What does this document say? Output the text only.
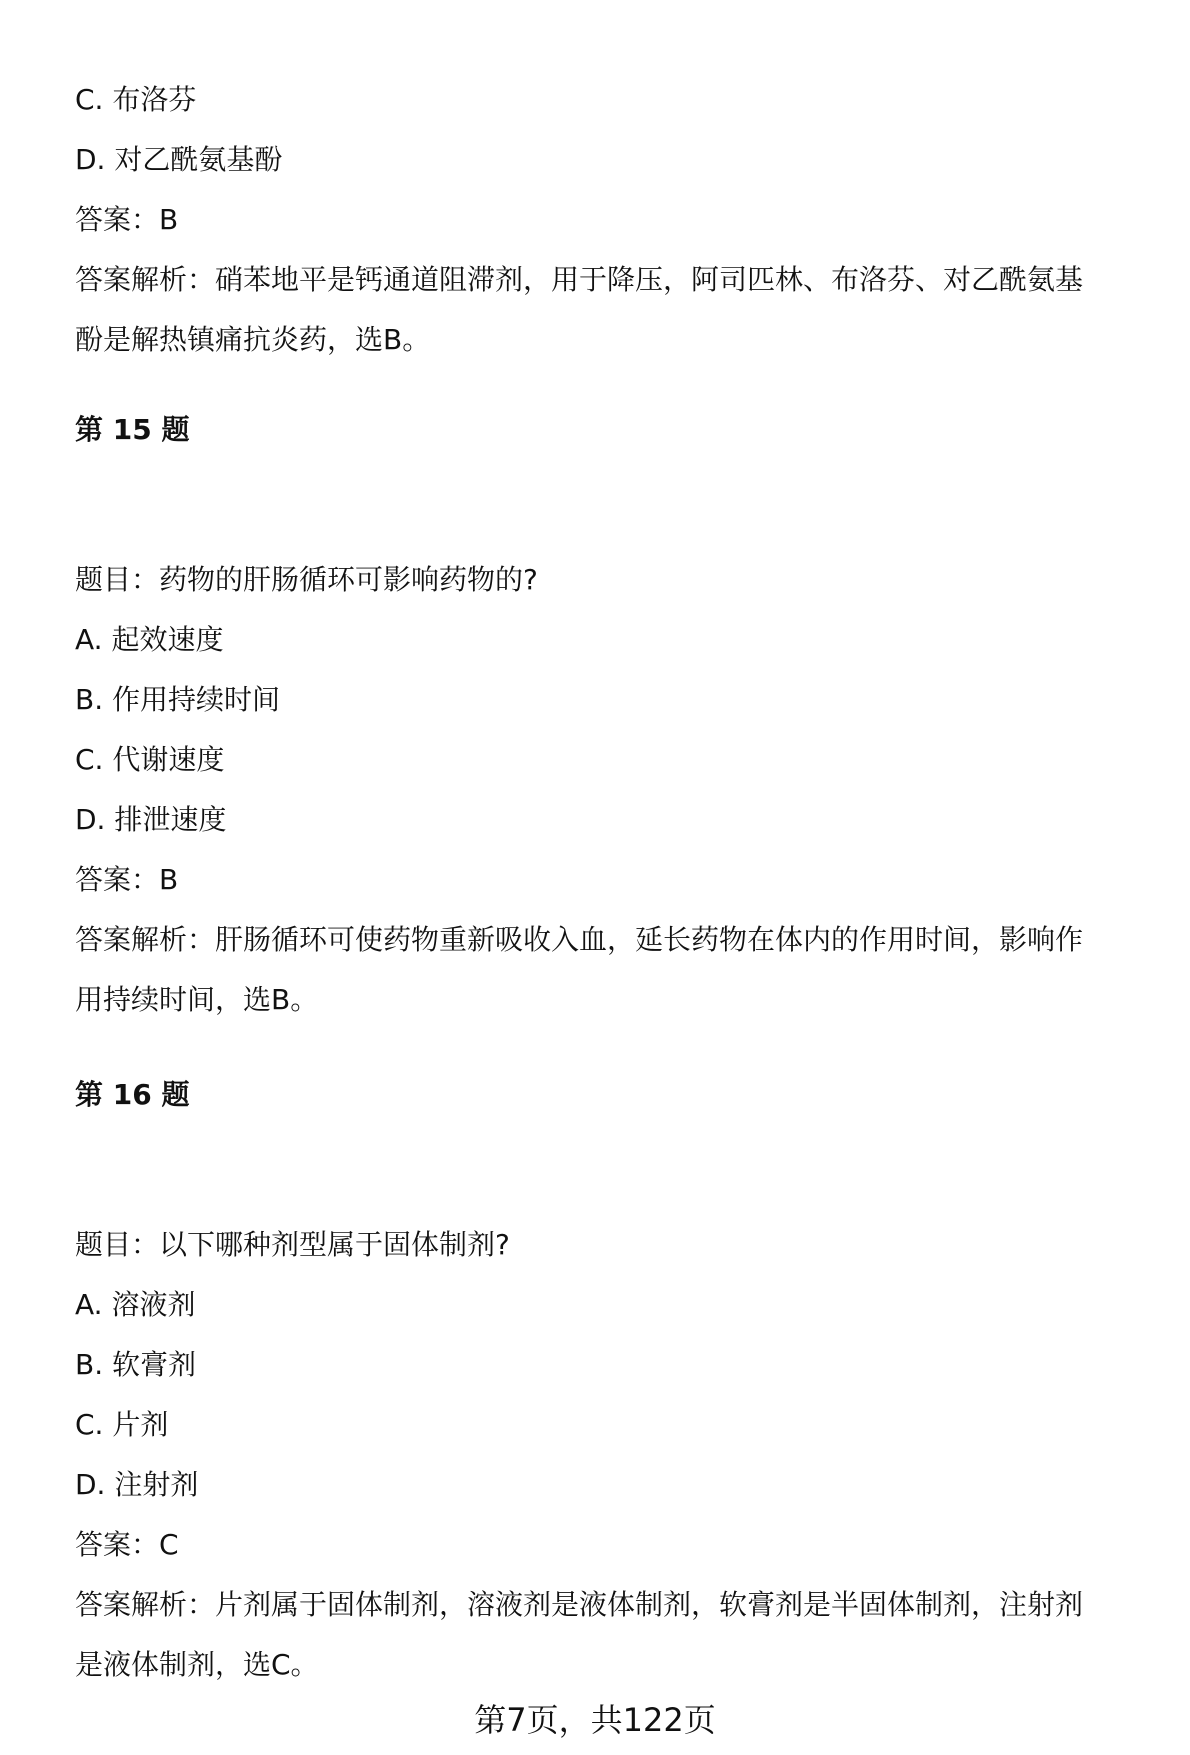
C. 布洛芬
D. 对乙酰氨基酚
答案：B
答案解析：硝苯地平是钙通道阻滞剂，用于降压，阿司匹林、布洛芬、对乙酰氨基
酚是解热镇痛抗炎药，选B。
第 15 题
题目：药物的肝肠循环可影响药物的?
A. 起效速度
B. 作用持续时间
C. 代谢速度
D. 排泄速度
答案：B
答案解析：肝肠循环可使药物重新吸收入血，延长药物在体内的作用时间，影响作
用持续时间，选B。
第 16 题
题目：以下哪种剂型属于固体制剂?
A. 溶液剂
B. 软膏剂
C. 片剂
D. 注射剂
答案：C
答案解析：片剂属于固体制剂，溶液剂是液体制剂，软膏剂是半固体制剂，注射剂
是液体制剂，选C。
第7页，共122页
